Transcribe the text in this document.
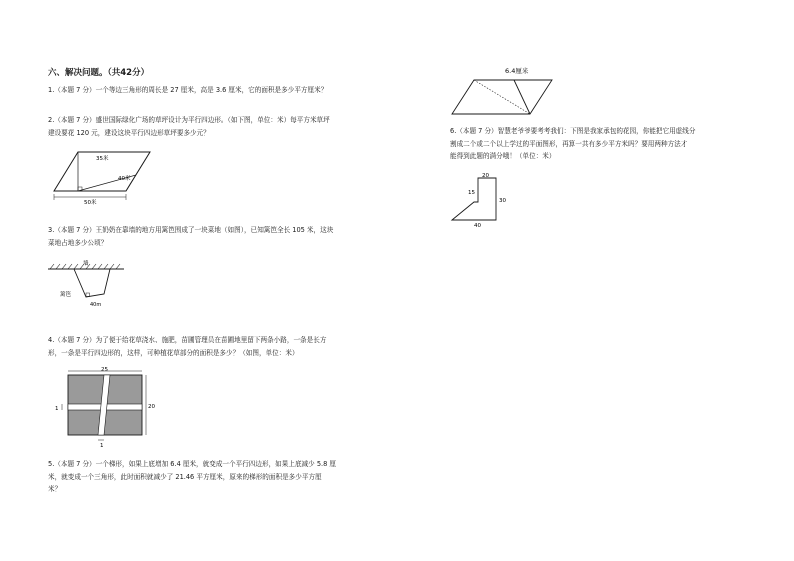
六、解决问题。（共42分）
1.（本题 7 分）一个等边三角形的周长是 27 厘米，高是 3.6 厘米，它的面积是多少平方厘米？
2.（本题 7 分）盛世国际绿化广场的草坪设计为平行四边形。（如下图，单位：米）每平方米草坪
建设要花 120 元，建设这块平行四边形草坪要多少元？
35米
40米
50米
3.（本题 7 分）王奶奶在靠墙的地方用篱笆围成了一块菜地（如图），已知篱笆全长 105 米，这块
菜地占地多少公顷？
墙
篱笆
40m
4.（本题 7 分）为了便于给花草浇水、施肥，苗圃管理员在苗圃地里留下两条小路，一条是长方
形，一条是平行四边形的，这样，可种植花草部分的面积是多少？（如图，单位：米）
25
20
1
1
5.（本题 7 分）一个梯形，如果上底增加 6.4 厘米，就变成一个平行四边形，如果上底减少 5.8 厘
米，就变成一个三角形，此时面积就减少了 21.46 平方厘米，原来的梯形的面积是多少平方厘
米？
6.4厘米
6.（本题 7 分）智慧老爷爷要考考我们：下图是我家承包的花园，你能把它用虚线分
割成二个或二个以上学过的平面图形，再算一共有多少平方米吗？要用两种方法才
能得到此题的满分哦！（单位：米）
20
15
30
40
